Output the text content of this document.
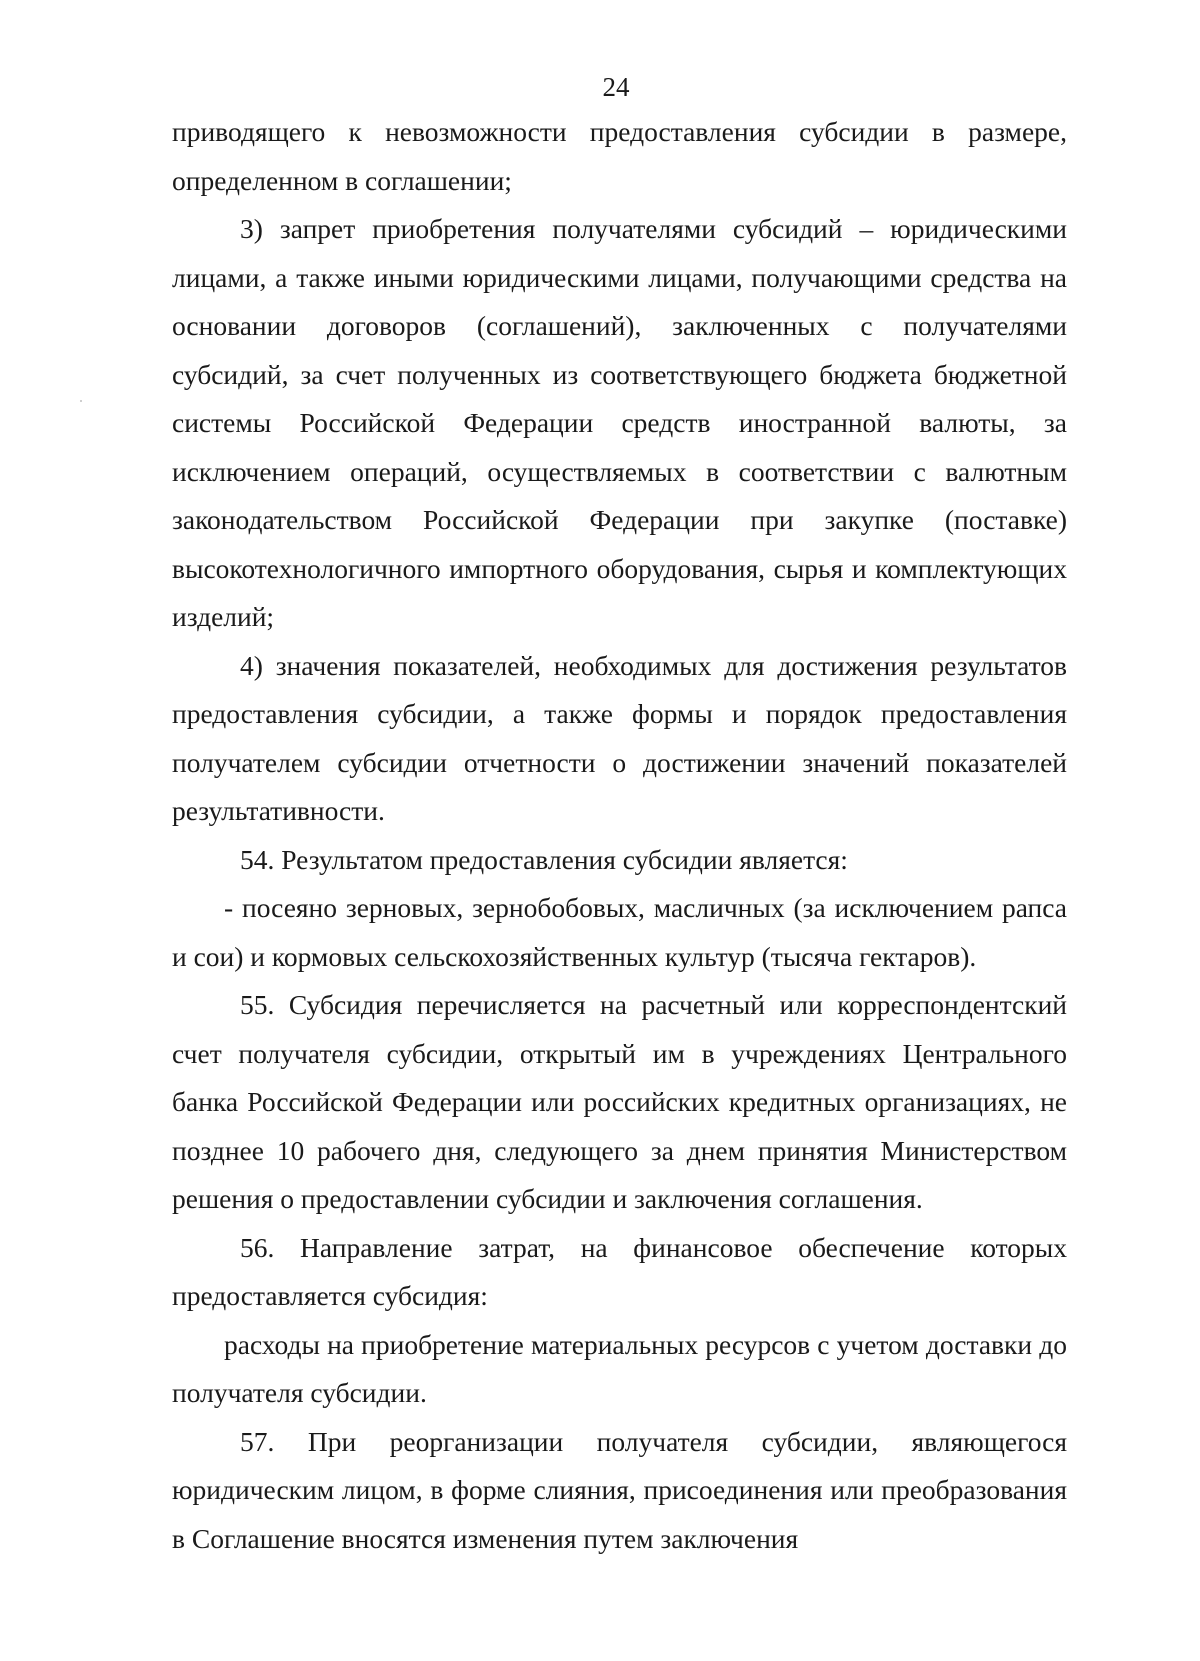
24

приводящего к невозможности предоставления субсидии в размере, определенном в соглашении;

3) запрет приобретения получателями субсидий – юридическими лицами, а также иными юридическими лицами, получающими средства на основании договоров (соглашений), заключенных с получателями субсидий, за счет полученных из соответствующего бюджета бюджетной системы Российской Федерации средств иностранной валюты, за исключением операций, осуществляемых в соответствии с валютным законодательством Российской Федерации при закупке (поставке) высокотехнологичного импортного оборудования, сырья и комплектующих изделий;

4) значения показателей, необходимых для достижения результатов предоставления субсидии, а также формы и порядок предоставления получателем субсидии отчетности о достижении значений показателей результативности.

54. Результатом предоставления субсидии является:

- посеяно зерновых, зернобобовых, масличных (за исключением рапса и сои) и кормовых сельскохозяйственных культур (тысяча гектаров).

55. Субсидия перечисляется на расчетный или корреспондентский счет получателя субсидии, открытый им в учреждениях Центрального банка Российской Федерации или российских кредитных организациях, не позднее 10 рабочего дня, следующего за днем принятия Министерством решения о предоставлении субсидии и заключения соглашения.

56. Направление затрат, на финансовое обеспечение которых предоставляется субсидия:

расходы на приобретение материальных ресурсов с учетом доставки до получателя субсидии.

57. При реорганизации получателя субсидии, являющегося юридическим лицом, в форме слияния, присоединения или преобразования в Соглашение вносятся изменения путем заключения
